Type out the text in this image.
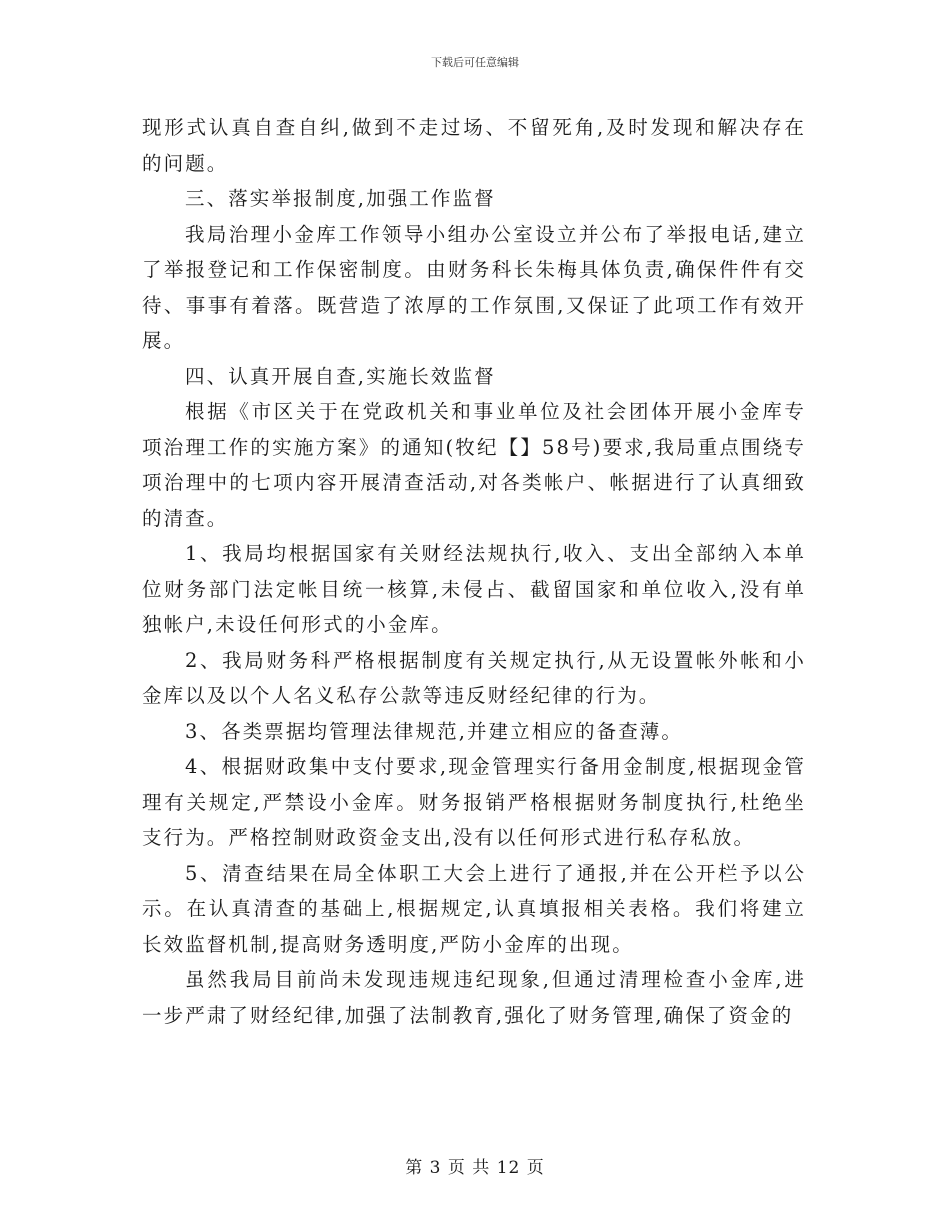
下载后可任意编辑

现形式认真自查自纠,做到不走过场、不留死角,及时发现和解决存在的问题。

三、落实举报制度,加强工作监督

我局治理小金库工作领导小组办公室设立并公布了举报电话,建立了举报登记和工作保密制度。由财务科长朱梅具体负责,确保件件有交待、事事有着落。既营造了浓厚的工作氛围,又保证了此项工作有效开展。

四、认真开展自查,实施长效监督

根据《市区关于在党政机关和事业单位及社会团体开展小金库专项治理工作的实施方案》的通知(牧纪【】58号)要求,我局重点围绕专项治理中的七项内容开展清查活动,对各类帐户、帐据进行了认真细致的清查。

1、我局均根据国家有关财经法规执行,收入、支出全部纳入本单位财务部门法定帐目统一核算,未侵占、截留国家和单位收入,没有单独帐户,未设任何形式的小金库。

2、我局财务科严格根据制度有关规定执行,从无设置帐外帐和小金库以及以个人名义私存公款等违反财经纪律的行为。

3、各类票据均管理法律规范,并建立相应的备查薄。

4、根据财政集中支付要求,现金管理实行备用金制度,根据现金管理有关规定,严禁设小金库。财务报销严格根据财务制度执行,杜绝坐支行为。严格控制财政资金支出,没有以任何形式进行私存私放。

5、清查结果在局全体职工大会上进行了通报,并在公开栏予以公示。在认真清查的基础上,根据规定,认真填报相关表格。我们将建立长效监督机制,提高财务透明度,严防小金库的出现。

虽然我局目前尚未发现违规违纪现象,但通过清理检查小金库,进一步严肃了财经纪律,加强了法制教育,强化了财务管理,确保了资金的

第 3 页 共 12 页
